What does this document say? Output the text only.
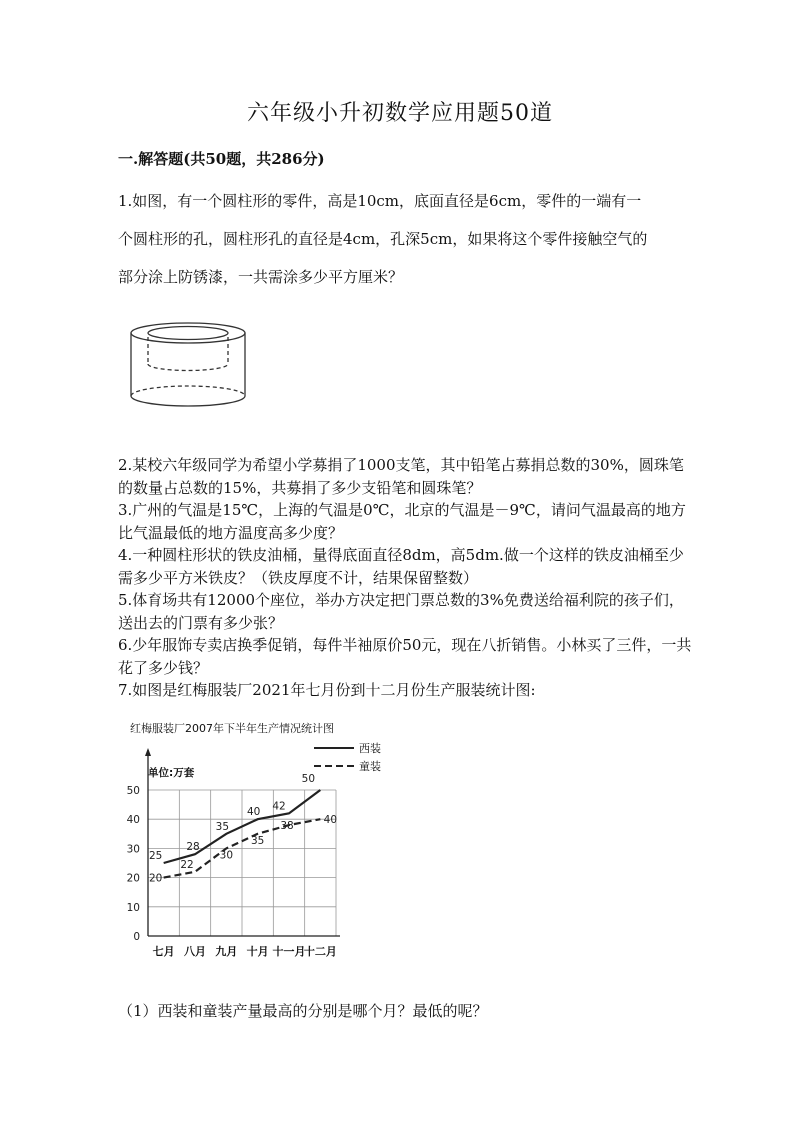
六年级小升初数学应用题50道
一.解答题(共50题，共286分)

1.如图，有一个圆柱形的零件，高是10cm，底面直径是6cm，零件的一端有一

个圆柱形的孔，圆柱形孔的直径是4cm，孔深5cm，如果将这个零件接触空气的

部分涂上防锈漆，一共需涂多少平方厘米？

2.某校六年级同学为希望小学募捐了1000支笔，其中铅笔占募捐总数的30%，圆珠笔的数量占总数的15%，共募捐了多少支铅笔和圆珠笔？

3.广州的气温是15℃，上海的气温是0℃，北京的气温是－9℃，请问气温最高的地方比气温最低的地方温度高多少度？

4.一种圆柱形状的铁皮油桶，量得底面直径8dm，高5dm.做一个这样的铁皮油桶至少需多少平方米铁皮？（铁皮厚度不计，结果保留整数）

5.体育场共有12000个座位，举办方决定把门票总数的3%免费送给福利院的孩子们，送出去的门票有多少张？

6.少年服饰专卖店换季促销，每件半袖原价50元，现在八折销售。小林买了三件，一共花了多少钱？

7.如图是红梅服装厂2021年七月份到十二月份生产服装统计图:

红梅服装厂2007年下半年生产情况统计图
单位:万套
0
10
20
30
40
50
七月 八月 九月 十月 十一月
十二月
25
28
35
40 42
50
20
22
30
35
38	40
西装
童装
（1）西装和童装产量最高的分别是哪个月？最低的呢？
